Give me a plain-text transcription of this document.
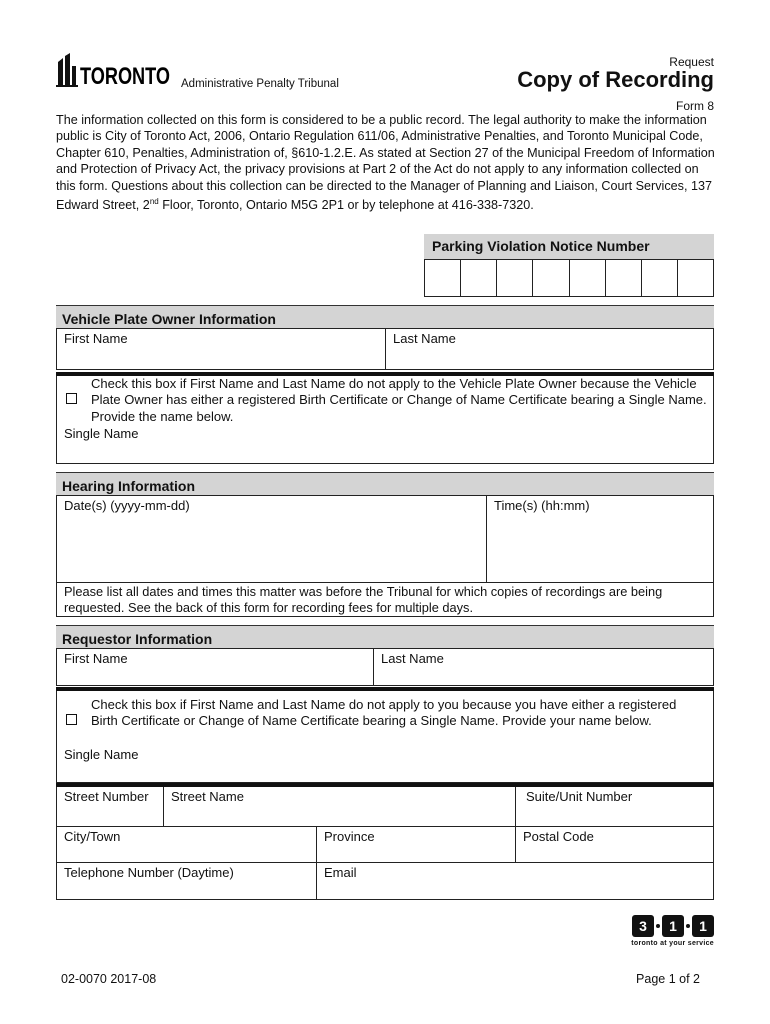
TORONTO Administrative Penalty Tribunal
Request
Copy of Recording
Form 8

The information collected on this form is considered to be a public record. The legal authority to make the information public is City of Toronto Act, 2006, Ontario Regulation 611/06, Administrative Penalties, and Toronto Municipal Code, Chapter 610, Penalties, Administration of, §610-1.2.E. As stated at Section 27 of the Municipal Freedom of Information and Protection of Privacy Act, the privacy provisions at Part 2 of the Act do not apply to any information collected on this form. Questions about this collection can be directed to the Manager of Planning and Liaison, Court Services, 137 Edward Street, 2nd Floor, Toronto, Ontario M5G 2P1 or by telephone at 416-338-7320.

Parking Violation Notice Number
Vehicle Plate Owner Information
First Name	Last Name
Check this box if First Name and Last Name do not apply to the Vehicle Plate Owner because the Vehicle Plate Owner has either a registered Birth Certificate or Change of Name Certificate bearing a Single Name. Provide the name below.
Single Name
Hearing Information
Date(s) (yyyy-mm-dd)	Time(s) (hh:mm)
Please list all dates and times this matter was before the Tribunal for which copies of recordings are being requested. See the back of this form for recording fees for multiple days.
Requestor Information
First Name	Last Name
Check this box if First Name and Last Name do not apply to you because you have either a registered Birth Certificate or Change of Name Certificate bearing a Single Name. Provide your name below.
Single Name
Street Number	Street Name	Suite/Unit Number
City/Town	Province	Postal Code
Telephone Number (Daytime)	Email
3	1	1
toronto at your service
02-0070 2017-08	Page 1 of 2
